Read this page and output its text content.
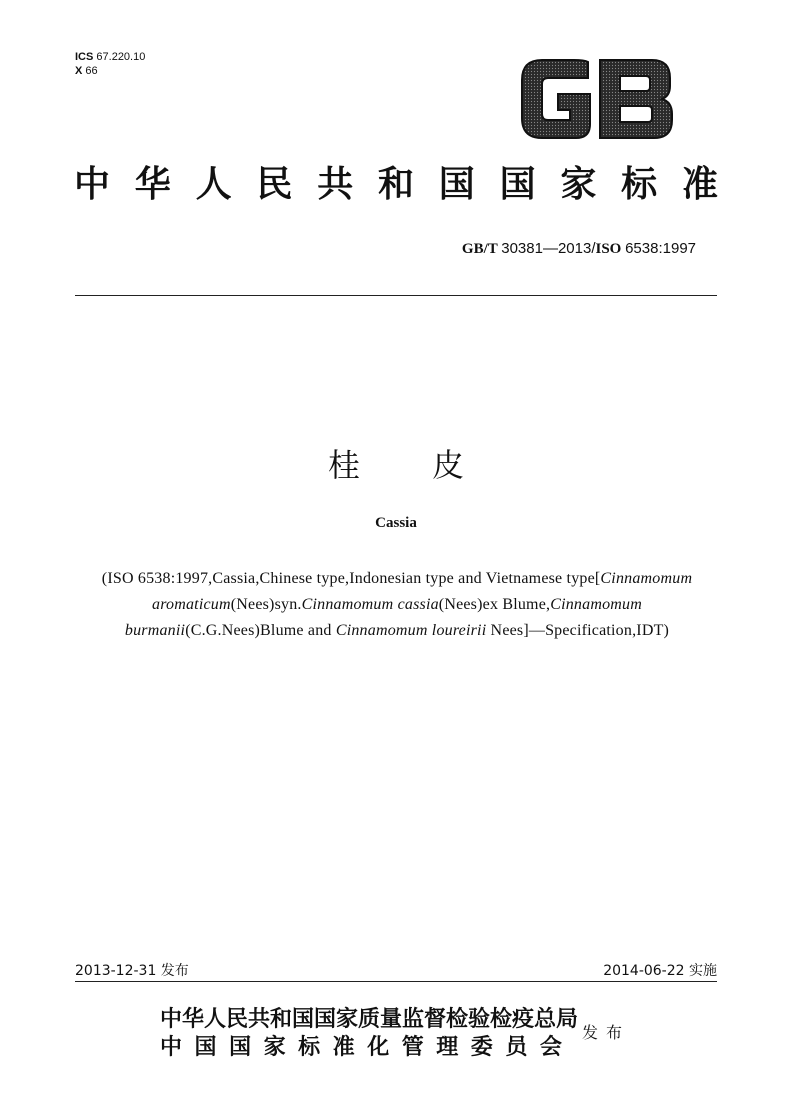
ICS 67.220.10
X 66
中 华 人 民 共 和 国 国 家 标 准
GB/T 30381—2013/ISO 6538:1997
桂 皮
Cassia
(ISO 6538:1997,Cassia,Chinese type,Indonesian type and Vietnamese type[Cinnamomum aromaticum(Nees)syn.Cinnamomum cassia(Nees)ex Blume,Cinnamomum burmanii(C.G.Nees)Blume and Cinnamomum loureirii Nees]—Specification,IDT)
2013-12-31 发布	2014-06-22 实施
中华人民共和国国家质量监督检验检疫总局
中 国 国 家 标 准 化 管 理 委 员 会
发布
